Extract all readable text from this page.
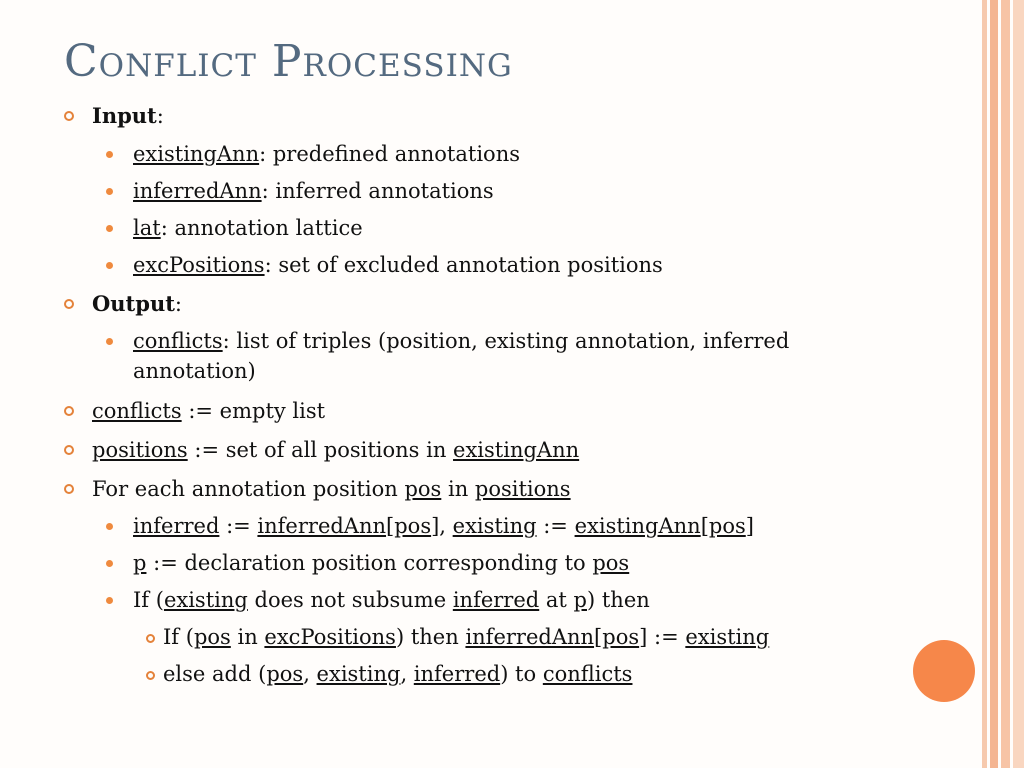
Conflict Processing
Input:
existingAnn: predefined annotations
inferredAnn: inferred annotations
lat: annotation lattice
excPositions: set of excluded annotation positions
Output:
conflicts: list of triples (position, existing annotation, inferred
annotation)
conflicts := empty list
positions := set of all positions in existingAnn
For each annotation position pos in positions
inferred := inferredAnn[pos], existing := existingAnn[pos]
p := declaration position corresponding to pos
If (existing does not subsume inferred at p) then
If (pos in excPositions) then inferredAnn[pos] := existing
else add (pos, existing, inferred) to conflicts
